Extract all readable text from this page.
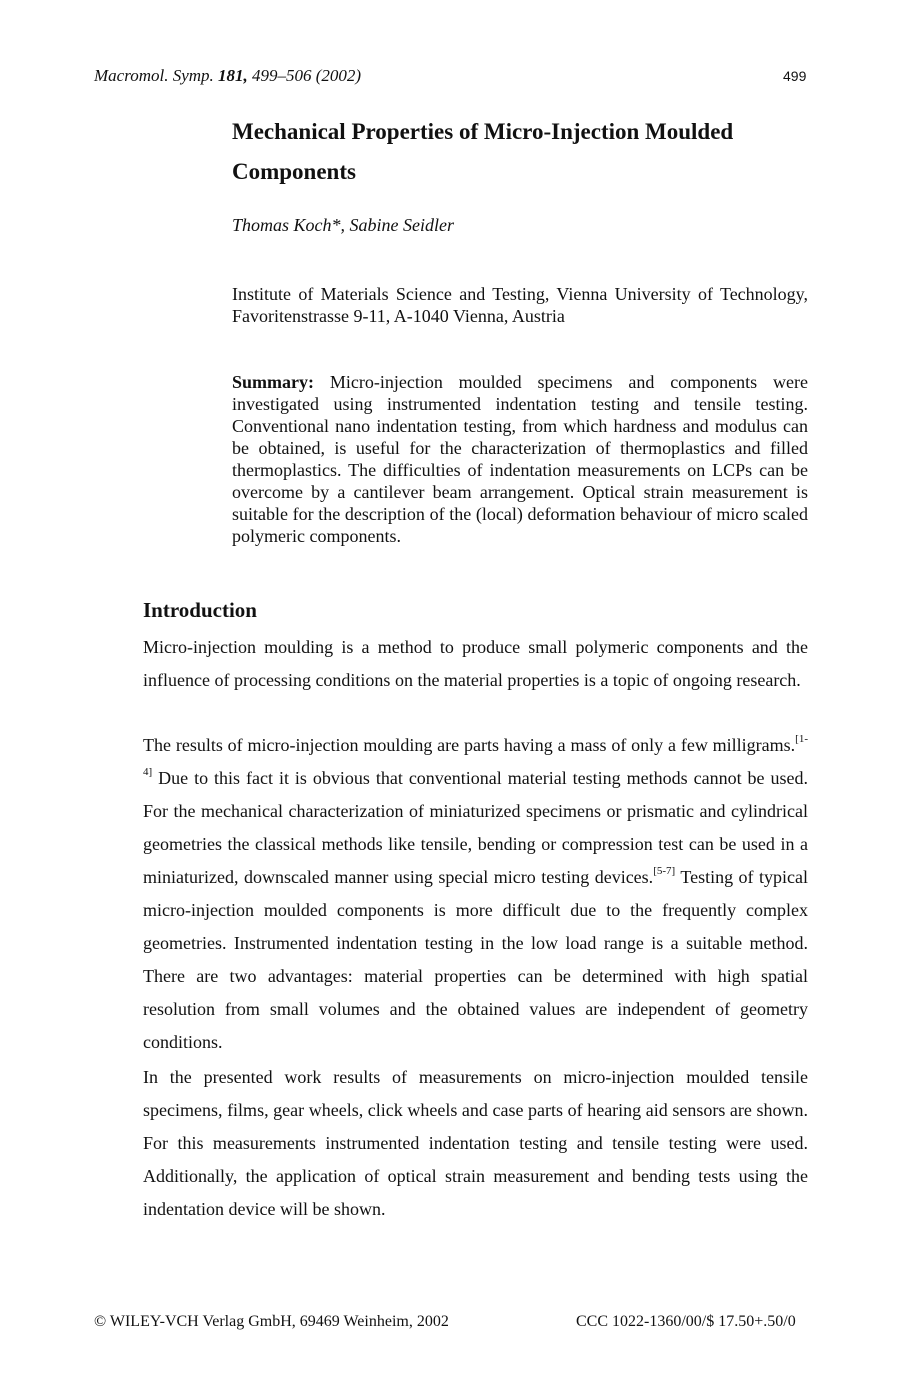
Macromol. Symp. 181, 499–506 (2002)	499
Mechanical Properties of Micro-Injection Moulded
Components
Thomas Koch*, Sabine Seidler
Institute of Materials Science and Testing, Vienna University of Technology, Favoritenstrasse 9-11, A-1040 Vienna, Austria
Summary: Micro-injection moulded specimens and components were investigated using instrumented indentation testing and tensile testing. Conventional nano indentation testing, from which hardness and modulus can be obtained, is useful for the characterization of thermoplastics and filled thermoplastics. The difficulties of indentation measurements on LCPs can be overcome by a cantilever beam arrangement. Optical strain measurement is suitable for the description of the (local) deformation behaviour of micro scaled polymeric components.
Introduction

Micro-injection moulding is a method to produce small polymeric components and the influence of processing conditions on the material properties is a topic of ongoing research.

The results of micro-injection moulding are parts having a mass of only a few milligrams.[1-4] Due to this fact it is obvious that conventional material testing methods cannot be used. For the mechanical characterization of miniaturized specimens or prismatic and cylindrical geometries the classical methods like tensile, bending or compression test can be used in a miniaturized, downscaled manner using special micro testing devices.[5-7] Testing of typical micro-injection moulded components is more difficult due to the frequently complex geometries. Instrumented indentation testing in the low load range is a suitable method. There are two advantages: material properties can be determined with high spatial resolution from small volumes and the obtained values are independent of geometry conditions.

In the presented work results of measurements on micro-injection moulded tensile specimens, films, gear wheels, click wheels and case parts of hearing aid sensors are shown. For this measurements instrumented indentation testing and tensile testing were used. Additionally, the application of optical strain measurement and bending tests using the indentation device will be shown.

© WILEY-VCH Verlag GmbH, 69469 Weinheim, 2002	CCC 1022-1360/00/$ 17.50+.50/0
